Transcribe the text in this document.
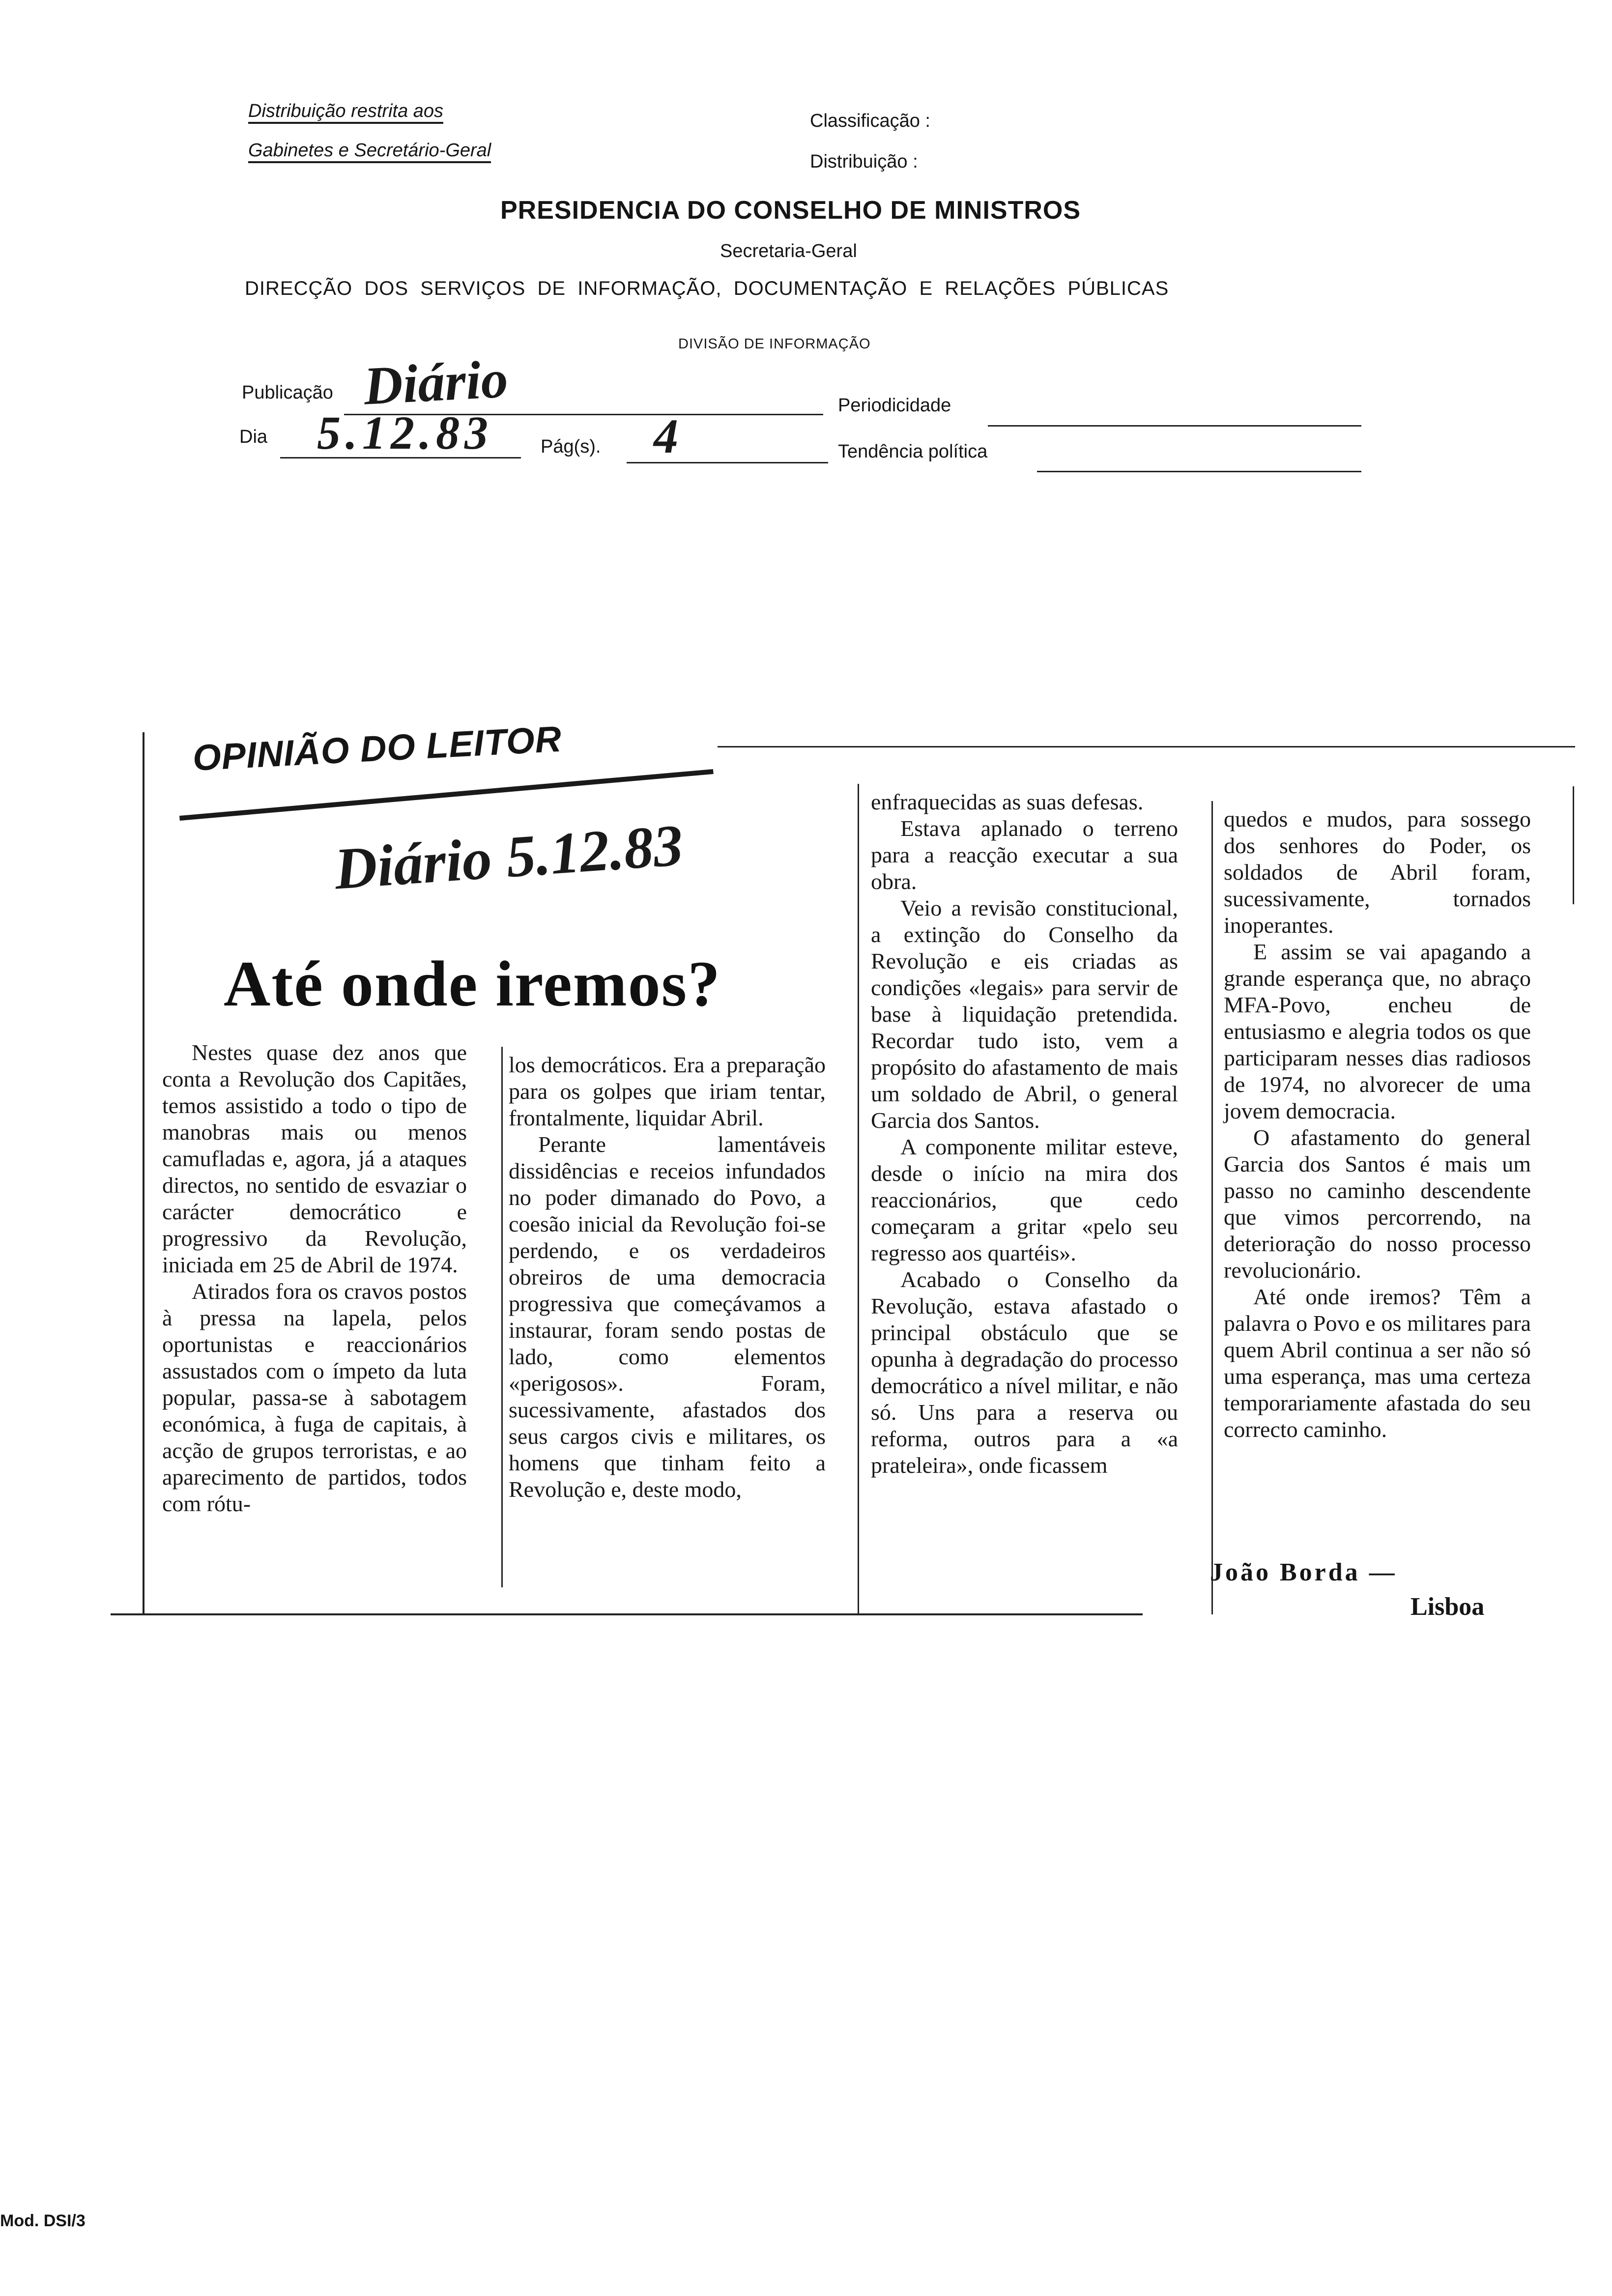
Distribuição restrita aos
Gabinetes e Secretário-Geral
Classificação :
Distribuição :
PRESIDENCIA DO CONSELHO DE MINISTROS
Secretaria-Geral
DIRECÇÃO  DOS  SERVIÇOS  DE  INFORMAÇÃO,  DOCUMENTAÇÃO  E  RELAÇÕES  PÚBLICAS
DIVISÃO DE INFORMAÇÃO
Publicação Diário	Periodicidade
Dia 5.12.83	Pág(s). 4	Tendência política
OPINIÃO DO LEITOR
Diário 5.12.83
Até onde iremos?

Nestes quase dez anos que conta a Revolução dos Capitães, temos assistido a todo o tipo de manobras mais ou menos camufladas e, agora, já a ataques directos, no sentido de esvaziar o carácter democrático e progressivo da Revolução, iniciada em 25 de Abril de 1974.

Atirados fora os cravos postos à pressa na lapela, pelos oportunistas e reaccionários assustados com o ímpeto da luta popular, passa-se à sabotagem económica, à fuga de capitais, à acção de grupos terroristas, e ao aparecimento de partidos, todos com rótu-

los democráticos. Era a preparação para os golpes que iriam tentar, frontalmente, liquidar Abril.

Perante lamentáveis dissidências e receios infundados no poder dimanado do Povo, a coesão inicial da Revolução foi-se perdendo, e os verdadeiros obreiros de uma democracia progressiva que começávamos a instaurar, foram sendo postas de lado, como elementos «perigosos». Foram, sucessivamente, afastados dos seus cargos civis e militares, os homens que tinham feito a Revolução e, deste modo,

enfraquecidas as suas defesas.

Estava aplanado o terreno para a reacção executar a sua obra.

Veio a revisão constitucional, a extinção do Conselho da Revolução e eis criadas as condições «legais» para servir de base à liquidação pretendida. Recordar tudo isto, vem a propósito do afastamento de mais um soldado de Abril, o general Garcia dos Santos.

A componente militar esteve, desde o início na mira dos reaccionários, que cedo começaram a gritar «pelo seu regresso aos quartéis».

Acabado o Conselho da Revolução, estava afastado o principal obstáculo que se opunha à degradação do processo democrático a nível militar, e não só. Uns para a reserva ou reforma, outros para a «a prateleira», onde ficassem

quedos e mudos, para sossego dos senhores do Poder, os soldados de Abril foram, sucessivamente, tornados inoperantes.

E assim se vai apagando a grande esperança que, no abraço MFA-Povo, encheu de entusiasmo e alegria todos os que participaram nesses dias radiosos de 1974, no alvorecer de uma jovem democracia.

O afastamento do general Garcia dos Santos é mais um passo no caminho descendente que vimos percorrendo, na deterioração do nosso processo revolucionário.

Até onde iremos? Têm a palavra o Povo e os militares para quem Abril continua a ser não só uma esperança, mas uma certeza temporariamente afastada do seu correcto caminho.

João Borda —
Lisboa
Mod. DSI/3
